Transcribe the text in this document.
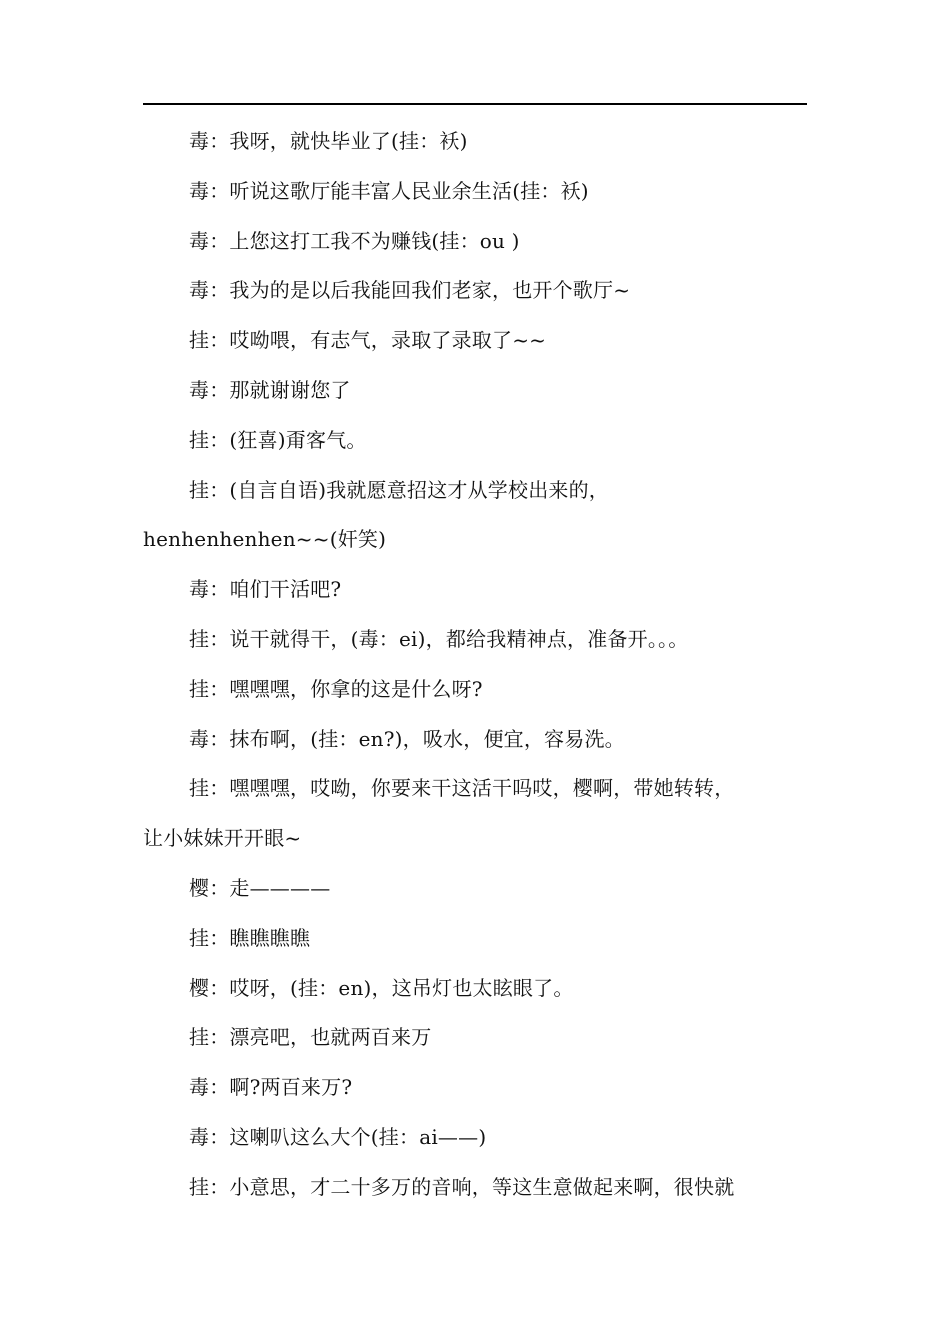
毒：我呀，就快毕业了(挂：袄)
毒：听说这歌厅能丰富人民业余生活(挂：袄)
毒：上您这打工我不为赚钱(挂：ou )
毒：我为的是以后我能回我们老家，也开个歌厅~
挂：哎呦喂，有志气，录取了录取了~~
毒：那就谢谢您了
挂：(狂喜)甭客气。
挂：(自言自语)我就愿意招这才从学校出来的，
henhenhenhen~~(奸笑)
毒：咱们干活吧?
挂：说干就得干，(毒：ei)，都给我精神点，准备开。。。
挂：嘿嘿嘿，你拿的这是什么呀?
毒：抹布啊，(挂：en?)，吸水，便宜，容易洗。
挂：嘿嘿嘿，哎呦，你要来干这活干吗哎，樱啊，带她转转，
让小妹妹开开眼~
樱：走————
挂：瞧瞧瞧瞧
樱：哎呀，(挂：en)，这吊灯也太眩眼了。
挂：漂亮吧，也就两百来万
毒：啊?两百来万?
毒：这喇叭这么大个(挂：ai——)
挂：小意思，才二十多万的音响，等这生意做起来啊，很快就
